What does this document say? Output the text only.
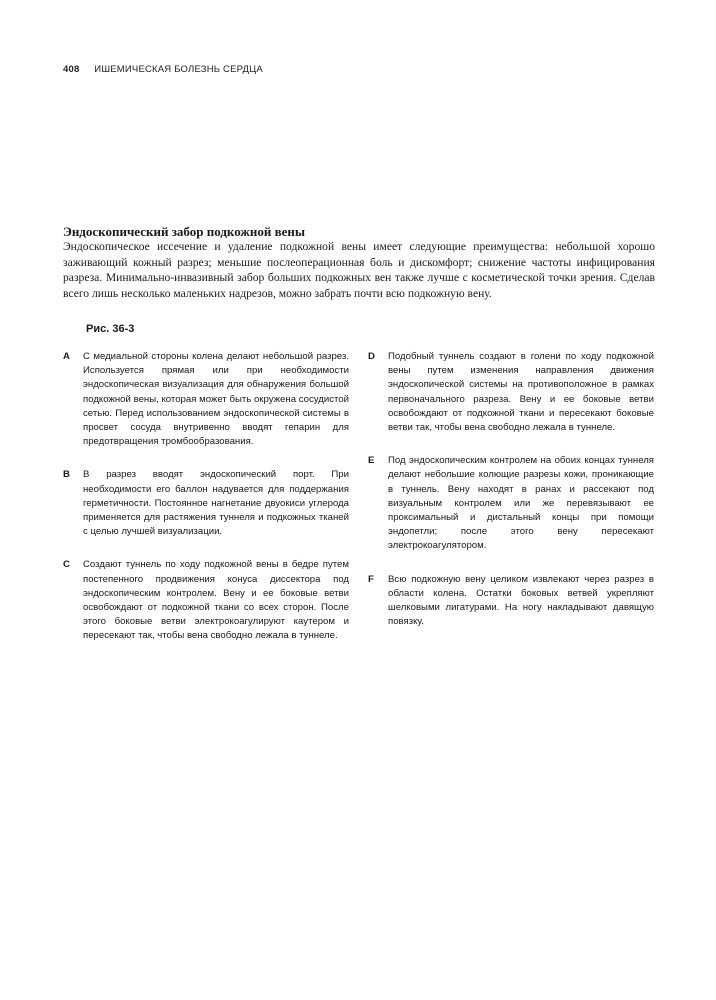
408 ИШЕМИЧЕСКАЯ БОЛЕЗНЬ СЕРДЦА
Эндоскопический забор подкожной вены

Эндоскопическое иссечение и удаление подкожной вены имеет следующие преимущества: небольшой хорошо заживающий кожный разрез; меньшие послеоперационная боль и дискомфорт; снижение частоты инфицирования разреза. Минимально-инвазивный забор больших подкожных вен также лучше с косметической точки зрения. Сделав всего лишь несколько маленьких надрезов, можно забрать почти всю подкожную вену.

Рис. 36-3
A С медиальной стороны колена делают небольшой разрез. Используется прямая или при необходимости эндоскопическая визуализация для обнаружения большой подкожной вены, которая может быть окружена сосудистой сетью. Перед использованием эндоскопической системы в просвет сосуда внутривенно вводят гепарин для предотвращения тромбообразования.
B В разрез вводят эндоскопический порт. При необходимости его баллон надувается для поддержания герметичности. Постоянное нагнетание двуокиси углерода применяется для растяжения туннеля и подкожных тканей с целью лучшей визуализации.
C Создают туннель по ходу подкожной вены в бедре путем постепенного продвижения конуса диссектора под эндоскопическим контролем. Вену и ее боковые ветви освобождают от подкожной ткани со всех сторон. После этого боковые ветви электрокоагулируют каутером и пересекают так, чтобы вена свободно лежала в туннеле.
D Подобный туннель создают в голени по ходу подкожной вены путем изменения направления движения эндоскопической системы на противоположное в рамках первоначального разреза. Вену и ее боковые ветви освобождают от подкожной ткани и пересекают боковые ветви так, чтобы вена свободно лежала в туннеле.
E Под эндоскопическим контролем на обоих концах туннеля делают небольшие колющие разрезы кожи, проникающие в туннель. Вену находят в ранах и рассекают под визуальным контролем или же перевязывают ее проксимальный и дистальный концы при помощи эндопетли; после этого вену пересекают электрокоагулятором.
F Всю подкожную вену целиком извлекают через разрез в области колена. Остатки боковых ветвей укрепляют шелковыми лигатурами. На ногу накладывают давящую повязку.
